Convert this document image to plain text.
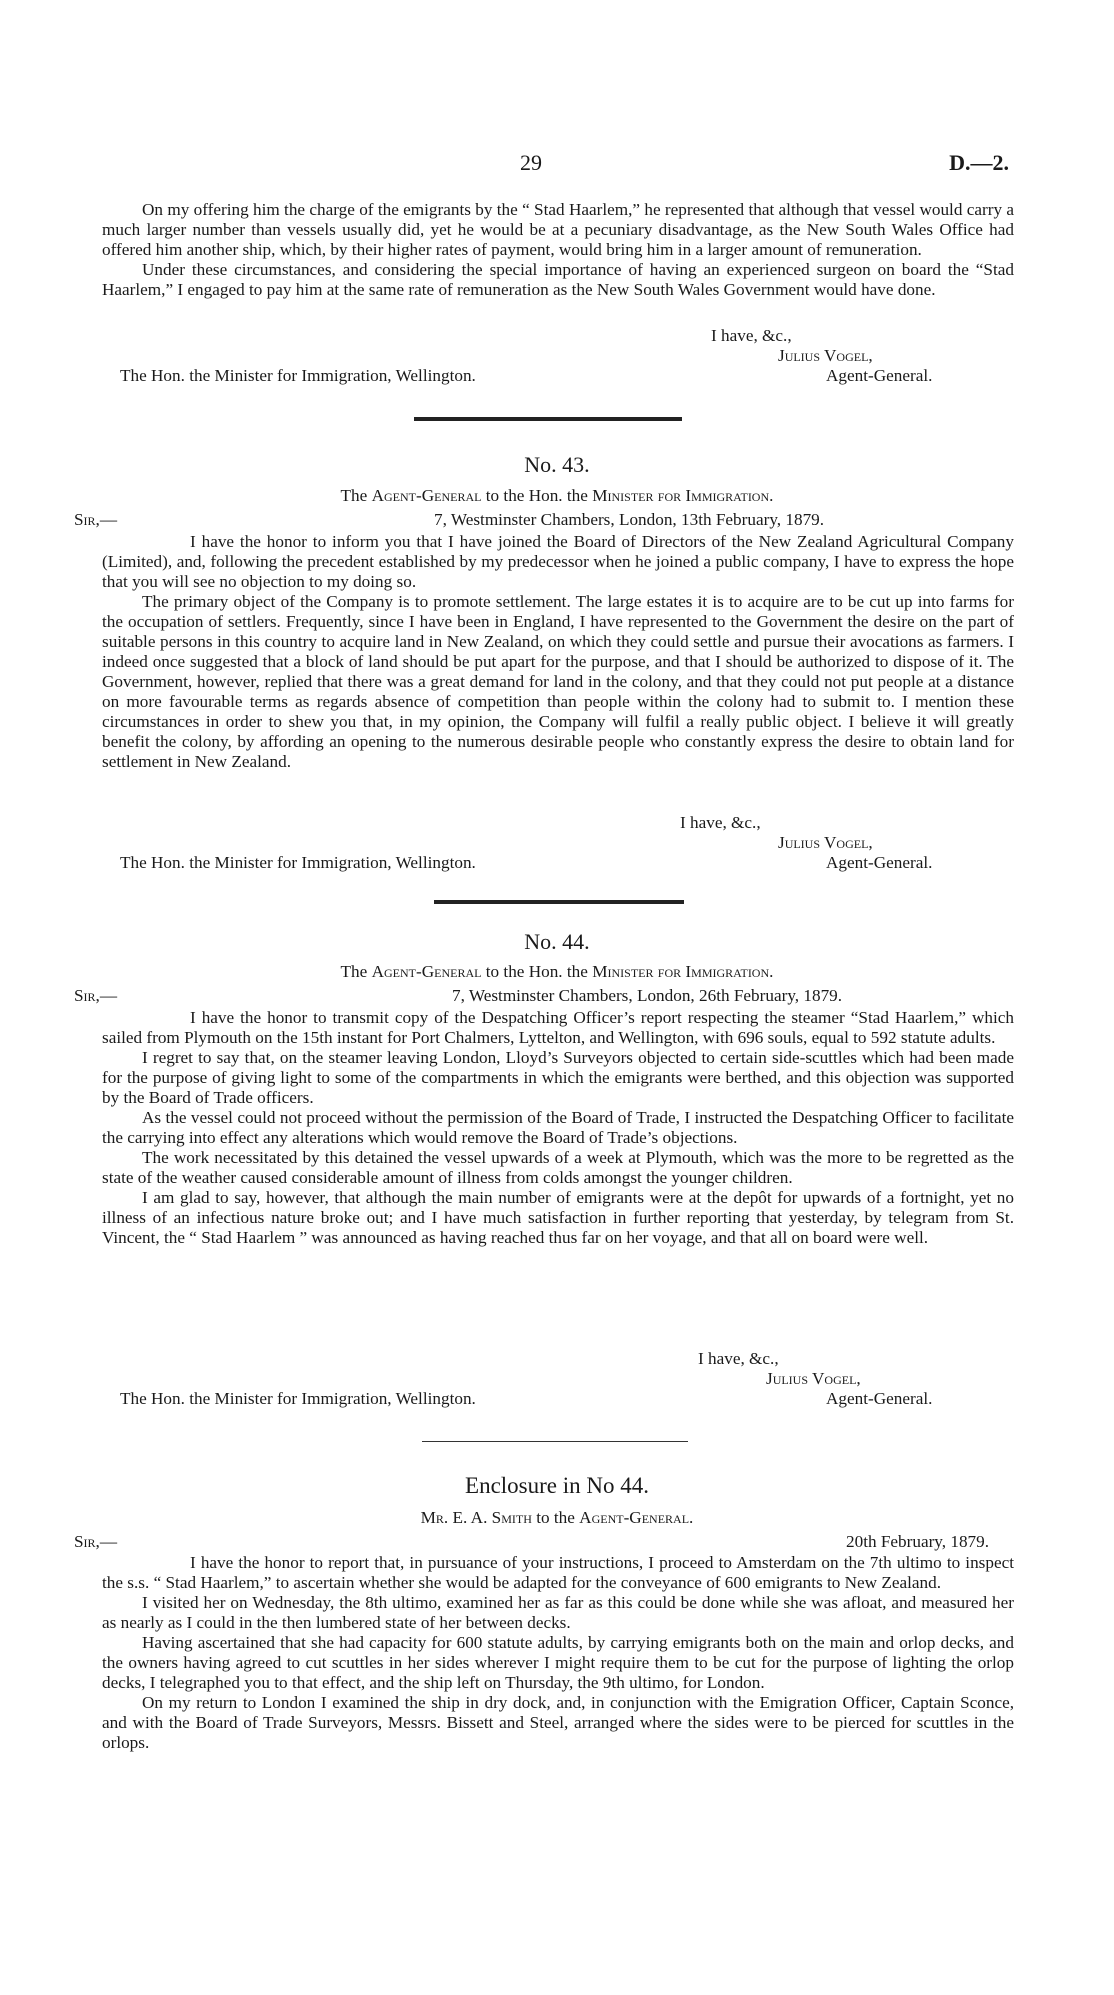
29	D.—2.

On my offering him the charge of the emigrants by the “ Stad Haarlem,” he represented that although that vessel would carry a much larger number than vessels usually did, yet he would be at a pecuniary disadvantage, as the New South Wales Office had offered him another ship, which, by their higher rates of payment, would bring him in a larger amount of remuneration.

Under these circumstances, and considering the special importance of having an experienced surgeon on board the “Stad Haarlem,” I engaged to pay him at the same rate of remuneration as the New South Wales Government would have done.

I have, &c.,
Julius Vogel,
The Hon. the Minister for Immigration, Wellington.	Agent-General.
No. 43.
The Agent-General to the Hon. the Minister for Immigration.
Sir,—	7, Westminster Chambers, London, 13th February, 1879.

I have the honor to inform you that I have joined the Board of Directors of the New Zealand Agricultural Company (Limited), and, following the precedent established by my predecessor when he joined a public company, I have to express the hope that you will see no objection to my doing so.

The primary object of the Company is to promote settlement. The large estates it is to acquire are to be cut up into farms for the occupation of settlers. Frequently, since I have been in England, I have represented to the Government the desire on the part of suitable persons in this country to acquire land in New Zealand, on which they could settle and pursue their avocations as farmers. I indeed once suggested that a block of land should be put apart for the purpose, and that I should be authorized to dispose of it. The Government, however, replied that there was a great demand for land in the colony, and that they could not put people at a distance on more favourable terms as regards absence of competition than people within the colony had to submit to. I mention these circumstances in order to shew you that, in my opinion, the Company will fulfil a really public object. I believe it will greatly benefit the colony, by affording an opening to the numerous desirable people who constantly express the desire to obtain land for settlement in New Zealand.

I have, &c.,
Julius Vogel,
The Hon. the Minister for Immigration, Wellington.	Agent-General.
No. 44.
The Agent-General to the Hon. the Minister for Immigration.
Sir,—	7, Westminster Chambers, London, 26th February, 1879.

I have the honor to transmit copy of the Despatching Officer’s report respecting the steamer “Stad Haarlem,” which sailed from Plymouth on the 15th instant for Port Chalmers, Lyttelton, and Wellington, with 696 souls, equal to 592 statute adults.

I regret to say that, on the steamer leaving London, Lloyd’s Surveyors objected to certain side-scuttles which had been made for the purpose of giving light to some of the compartments in which the emigrants were berthed, and this objection was supported by the Board of Trade officers.

As the vessel could not proceed without the permission of the Board of Trade, I instructed the Despatching Officer to facilitate the carrying into effect any alterations which would remove the Board of Trade’s objections.

The work necessitated by this detained the vessel upwards of a week at Plymouth, which was the more to be regretted as the state of the weather caused considerable amount of illness from colds amongst the younger children.

I am glad to say, however, that although the main number of emigrants were at the depôt for upwards of a fortnight, yet no illness of an infectious nature broke out; and I have much satisfaction in further reporting that yesterday, by telegram from St. Vincent, the “ Stad Haarlem ” was announced as having reached thus far on her voyage, and that all on board were well.

I have, &c.,
Julius Vogel,
The Hon. the Minister for Immigration, Wellington.	Agent-General.
Enclosure in No 44.
Mr. E. A. Smith to the Agent-General.
Sir,—	20th February, 1879.

I have the honor to report that, in pursuance of your instructions, I proceed to Amsterdam on the 7th ultimo to inspect the s.s. “ Stad Haarlem,” to ascertain whether she would be adapted for the conveyance of 600 emigrants to New Zealand.

I visited her on Wednesday, the 8th ultimo, examined her as far as this could be done while she was afloat, and measured her as nearly as I could in the then lumbered state of her between decks.

Having ascertained that she had capacity for 600 statute adults, by carrying emigrants both on the main and orlop decks, and the owners having agreed to cut scuttles in her sides wherever I might require them to be cut for the purpose of lighting the orlop decks, I telegraphed you to that effect, and the ship left on Thursday, the 9th ultimo, for London.

On my return to London I examined the ship in dry dock, and, in conjunction with the Emigration Officer, Captain Sconce, and with the Board of Trade Surveyors, Messrs. Bissett and Steel, arranged where the sides were to be pierced for scuttles in the orlops.
